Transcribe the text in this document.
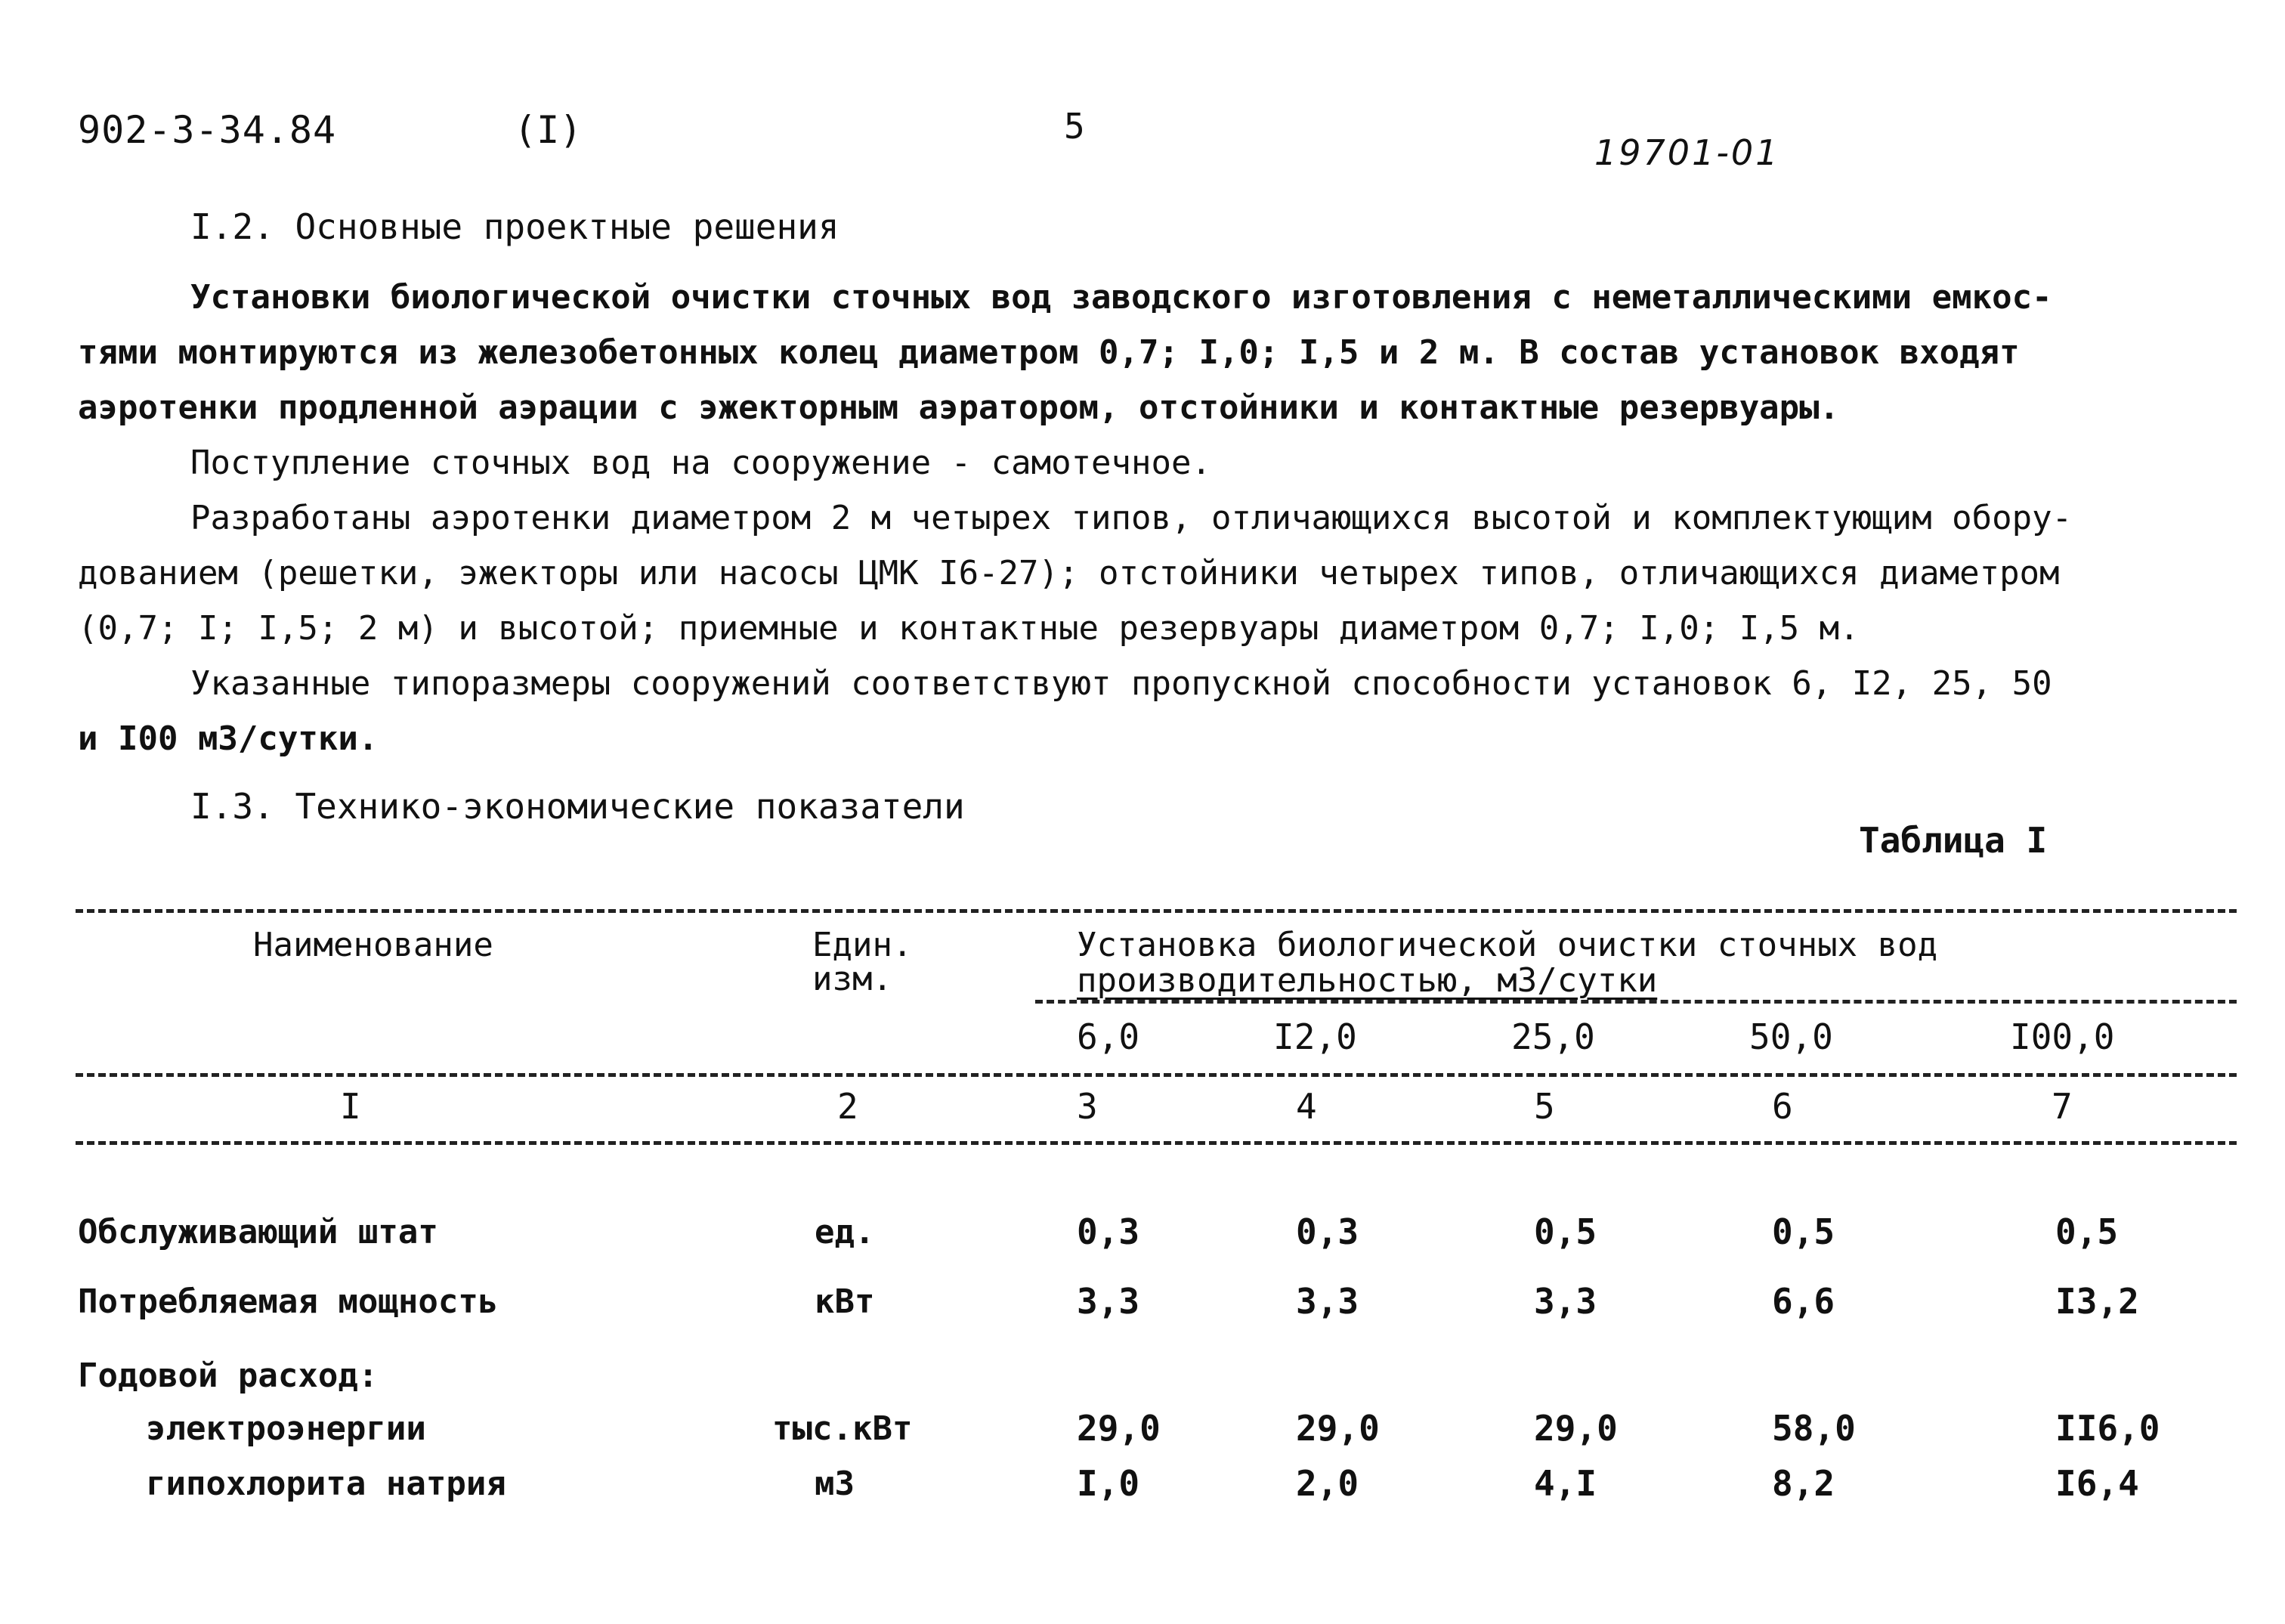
902-3-34.84	(I)	5
19701-01
I.2. Основные проектные решения
Установки биологической очистки сточных вод заводского изготовления с неметаллическими емкос-
тями монтируются из железобетонных колец диаметром 0,7; I,0; I,5 и 2 м. В состав установок входят
аэротенки продленной аэрации с эжекторным аэратором, отстойники и контактные резервуары.
Поступление сточных вод на сооружение - самотечное.
Разработаны аэротенки диаметром 2 м четырех типов, отличающихся высотой и комплектующим обору-
дованием (решетки, эжекторы или насосы ЦМК I6-27); отстойники четырех типов, отличающихся диаметром
(0,7; I; I,5; 2 м) и высотой; приемные и контактные резервуары диаметром 0,7; I,0; I,5 м.
Указанные типоразмеры сооружений соответствуют пропускной способности установок 6, I2, 25, 50
и I00 м3/сутки.
I.3. Технико-экономические показатели
Таблица I
Наименование	Един.
изм.
Установка биологической очистки сточных вод
производительностью, м3/сутки
6,0	I2,0	25,0	50,0	I00,0
I	2	3	4	5	6	7
Обслуживающий штат	ед.	0,3	0,3	0,5	0,5	0,5
Потребляемая мощность	кВт	3,3	3,3	3,3	6,6	I3,2
Годовой расход:
электроэнергии	тыс.кВт	29,0	29,0	29,0	58,0	II6,0
гипохлорита натрия	м3	I,0	2,0	4,I	8,2	I6,4
